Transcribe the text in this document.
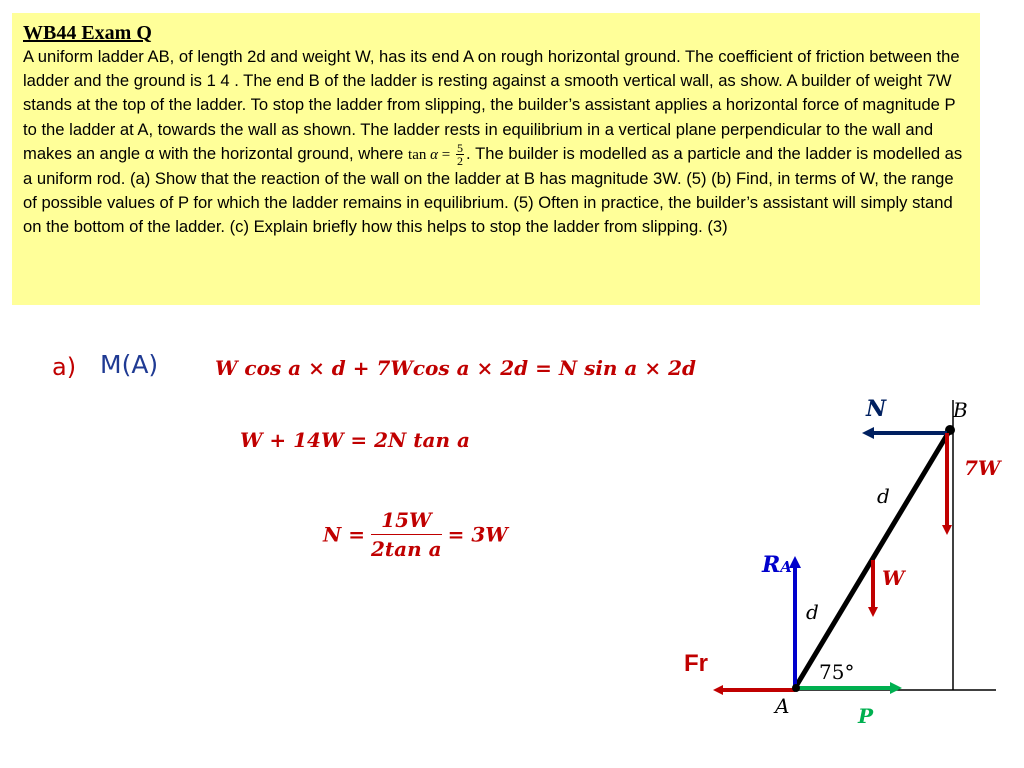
WB44 Exam Q

A uniform ladder AB, of length 2d and weight W, has its end A on rough horizontal ground. The coefficient of friction between the ladder and the ground is 1 4 . The end B of the ladder is resting against a smooth vertical wall, as show. A builder of weight 7W stands at the top of the ladder. To stop the ladder from slipping, the builder’s assistant applies a horizontal force of magnitude P to the ladder at A, towards the wall as shown. The ladder rests in equilibrium in a vertical plane perpendicular to the wall and makes an angle α with the horizontal ground, where $\tan \alpha = \frac{5}{2}$ . The builder is modelled as a particle and the ladder is modelled as a uniform rod. (a) Show that the reaction of the wall on the ladder at B has magnitude 3W. (5) (b) Find, in terms of W, the range of possible values of P for which the ladder remains in equilibrium. (5) Often in practice, the builder’s assistant will simply stand on the bottom of the ladder. (c) Explain briefly how this helps to stop the ladder from slipping. (3)

a) M(A)	W cos a × d + 7Wcos a × 2d = N sin a × 2d
W + 14W = 2N tan a
$N = \frac{15W}{\text{2tan a}} = 3W$
N	B
7W
d
RA	W
d
Fr	75°
A	P
